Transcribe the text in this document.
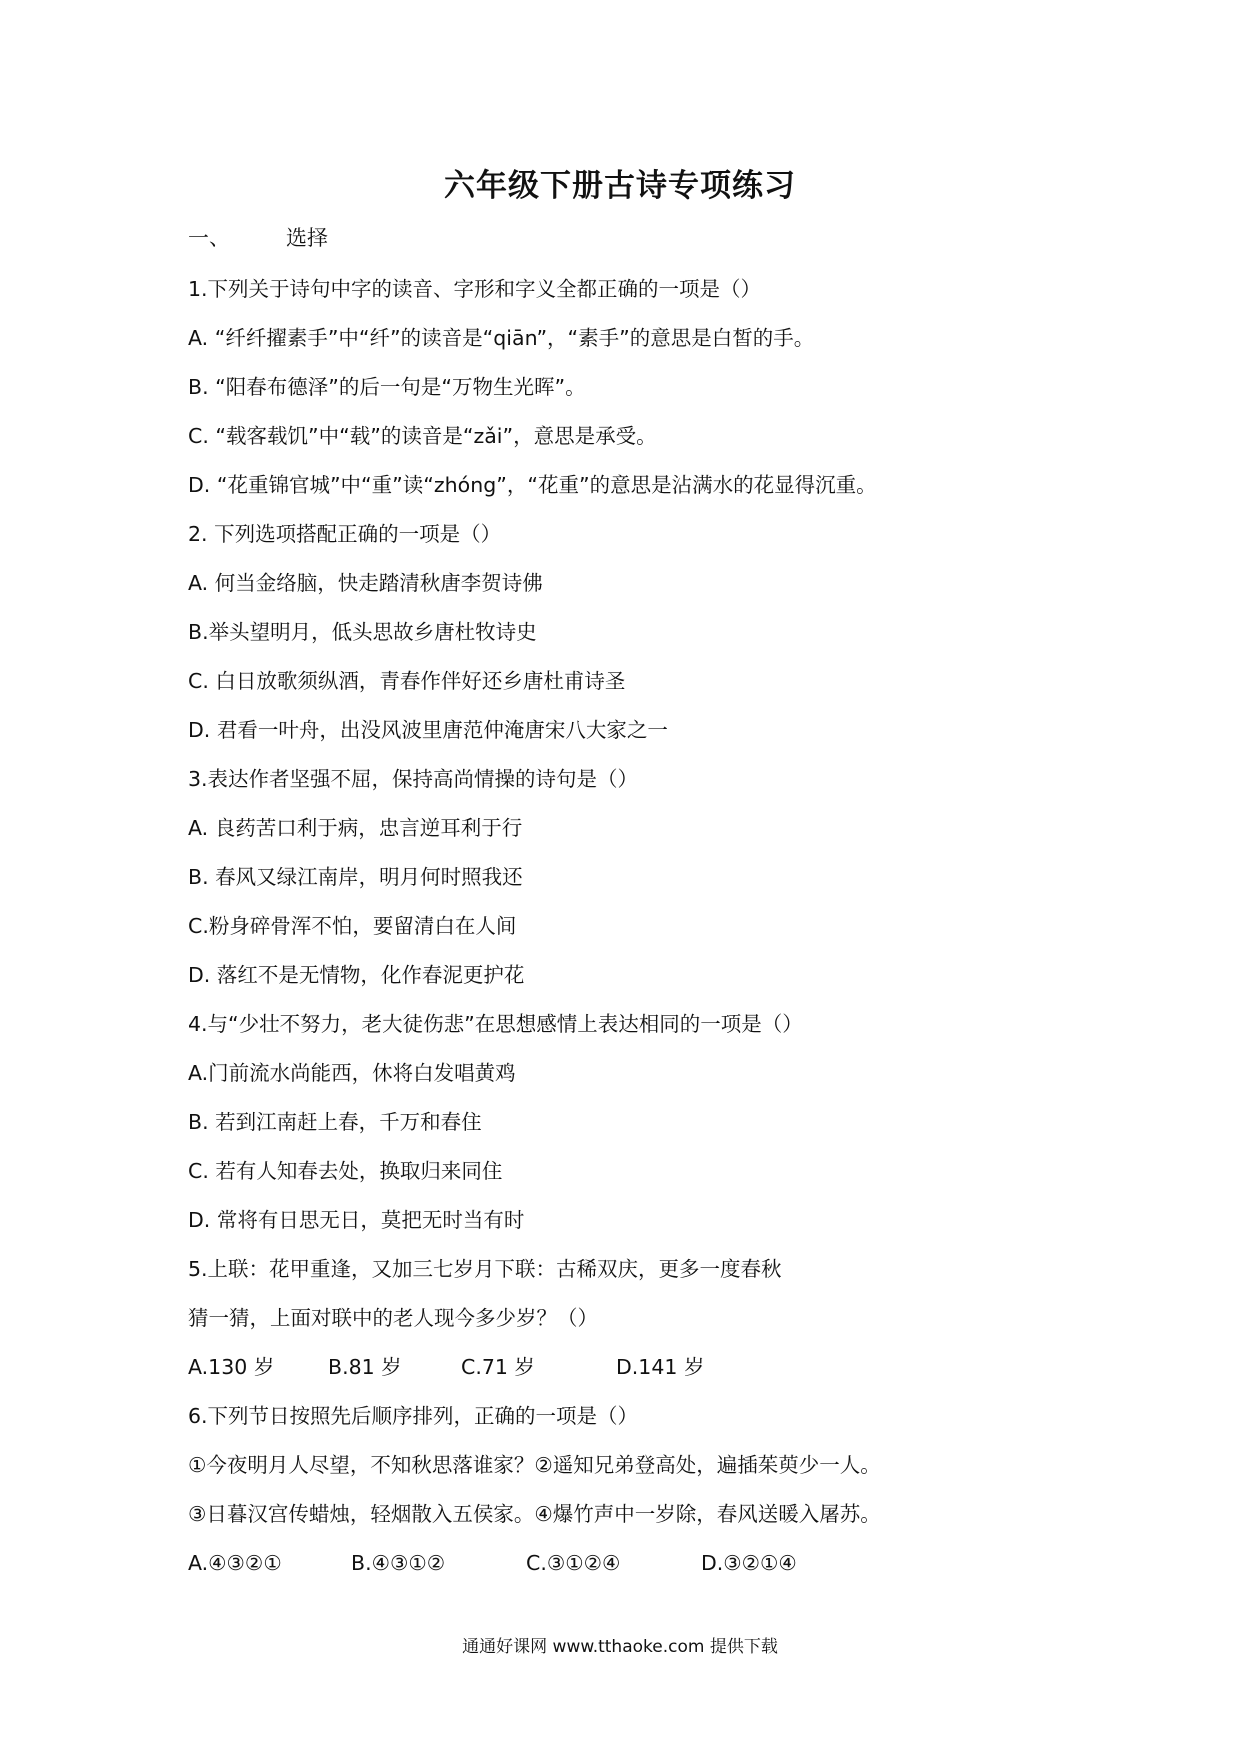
六年级下册古诗专项练习
一、	选择
1.下列关于诗句中字的读音、字形和字义全都正确的一项是（）
A. “纤纤擢素手”中“纤”的读音是“qiān”，“素手”的意思是白皙的手。
B. “阳春布德泽”的后一句是“万物生光晖”。
C. “载客载饥”中“载”的读音是“zǎi”，意思是承受。
D. “花重锦官城”中“重”读“zhóng”，“花重”的意思是沾满水的花显得沉重。
2. 下列选项搭配正确的一项是（）
A. 何当金络脑，快走踏清秋唐李贺诗佛
B.举头望明月，低头思故乡唐杜牧诗史
C. 白日放歌须纵酒，青春作伴好还乡唐杜甫诗圣
D. 君看一叶舟，出没风波里唐范仲淹唐宋八大家之一
3.表达作者坚强不屈，保持高尚情操的诗句是（）
A. 良药苦口利于病，忠言逆耳利于行
B. 春风又绿江南岸，明月何时照我还
C.粉身碎骨浑不怕，要留清白在人间
D. 落红不是无情物，化作春泥更护花
4.与“少壮不努力，老大徒伤悲”在思想感情上表达相同的一项是（）
A.门前流水尚能西，休将白发唱黄鸡
B. 若到江南赶上春，千万和春住
C. 若有人知春去处，换取归来同住
D. 常将有日思无日，莫把无时当有时
5.上联：花甲重逢，又加三七岁月下联：古稀双庆，更多一度春秋
猜一猜，上面对联中的老人现今多少岁？（）
A.130 岁	B.81 岁	C.71 岁	D.141 岁
6.下列节日按照先后顺序排列，正确的一项是（）
①今夜明月人尽望，不知秋思落谁家？②遥知兄弟登高处，遍插茱萸少一人。
③日暮汉宫传蜡烛，轻烟散入五侯家。④爆竹声中一岁除，春风送暖入屠苏。
A.④③②①	B.④③①②	C.③①②④	D.③②①④
通通好课网 www.tthaoke.com 提供下载
